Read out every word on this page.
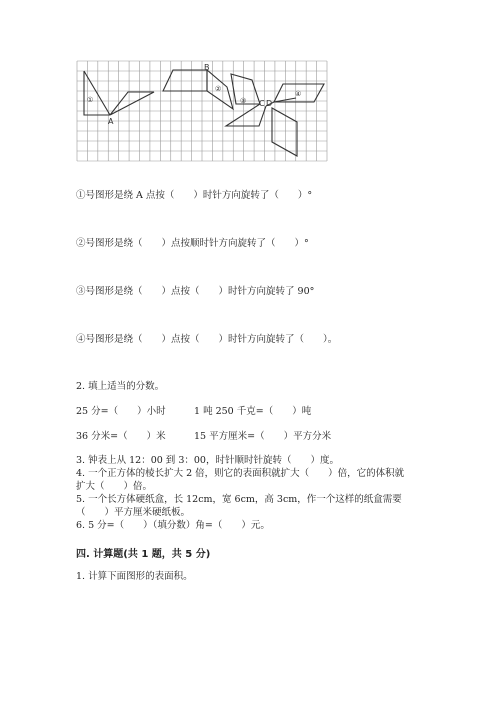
A
B
C D
①
②
③
④
①号图形是绕 A 点按（　　）时针方向旋转了（　　）°
②号图形是绕（　　）点按顺时针方向旋转了（　　）°
③号图形是绕（　　）点按（　　）时针方向旋转了 90°
④号图形是绕（　　）点按（　　）时针方向旋转了（　　）。
2. 填上适当的分数。
25 分=（　　）小时	1 吨 250 千克=（　　）吨
36 分米=（　　）米	15 平方厘米=（　　）平方分米
3. 钟表上从 12：00 到 3：00，时针顺时针旋转（　　）度。
4. 一个正方体的棱长扩大 2 倍，则它的表面积就扩大（　　）倍，它的体积就
扩大（　　）倍。
5. 一个长方体硬纸盒，长 12cm，宽 6cm，高 3cm，作一个这样的纸盒需要
（　　）平方厘米硬纸板。
6. 5 分=（　　）（填分数）角=（　　）元。
四. 计算题(共 1 题，共 5 分)
1. 计算下面图形的表面积。
